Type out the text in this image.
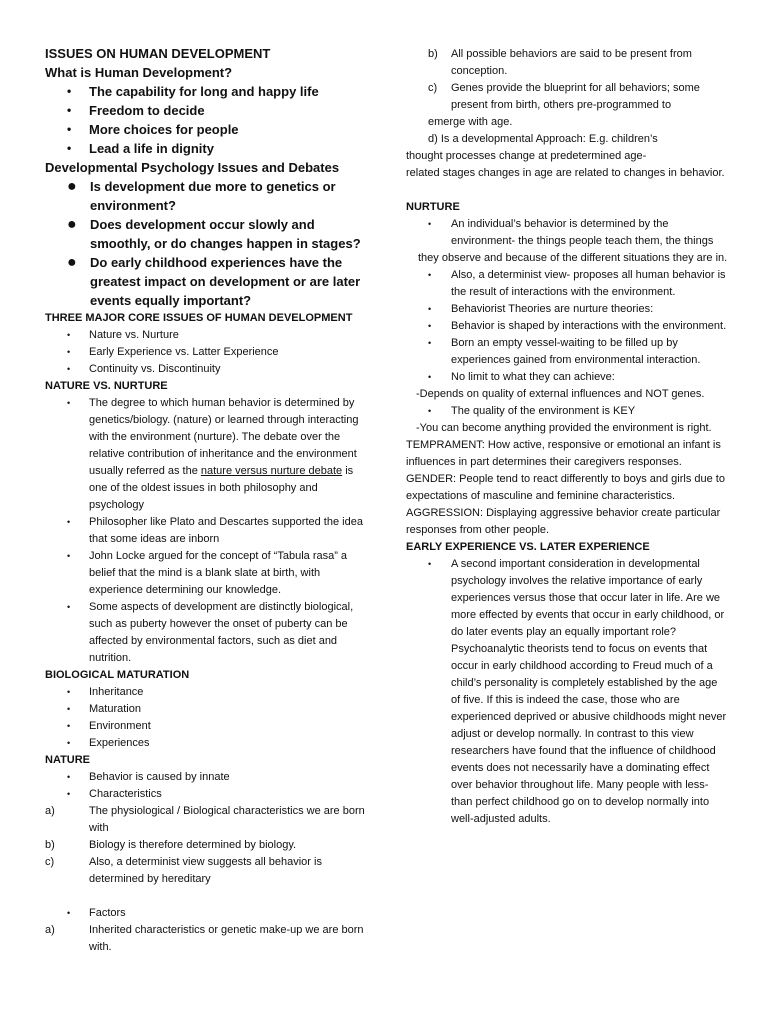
ISSUES ON HUMAN DEVELOPMENT

What is Human Development?

• The capability for long and happy life
• Freedom to decide
• More choices for people
• Lead a life in dignity

Developmental Psychology Issues and Debates

● Is development due more to genetics or environment?
● Does development occur slowly and smoothly, or do changes happen in stages?
● Do early childhood experiences have the greatest impact on development or are later events equally important?

THREE MAJOR CORE ISSUES OF HUMAN DEVELOPMENT

• Nature vs. Nurture
• Early Experience vs. Latter Experience
• Continuity vs. Discontinuity

NATURE VS. NURTURE

• The degree to which human behavior is determined by genetics/biology. (nature) or learned through interacting with the environment (nurture). The debate over the relative contribution of inheritance and the environment usually referred as the nature versus nurture debate is one of the oldest issues in both philosophy and psychology
• Philosopher like Plato and Descartes supported the idea that some ideas are inborn
• John Locke argued for the concept of “Tabula rasa” a belief that the mind is a blank slate at birth, with experience determining our knowledge.
• Some aspects of development are distinctly biological, such as puberty however the onset of puberty can be affected by environmental factors, such as diet and nutrition.

BIOLOGICAL MATURATION

• Inheritance
• Maturation
• Environment
• Experiences

NATURE

• Behavior is caused by innate
• Characteristics
a)	The physiological / Biological characteristics we are born with
b)	Biology is therefore determined by biology.
c)	Also, a determinist view suggests all behavior is determined by hereditary
• Factors
a)	Inherited characteristics or genetic make-up we are born with.
b) All possible behaviors are said to be present from conception.
c) Genes provide the blueprint for all behaviors; some present from birth, others pre-programmed to

emerge with age.

d) Is a developmental Approach: E.g. children’s

thought processes change at predetermined age-

related stages changes in age are related to changes in behavior.

NURTURE

• An individual’s behavior is determined by the environment- the things people teach them, the things

they observe and because of the different situations they are in.

• Also, a determinist view- proposes all human behavior is the result of interactions with the environment.
• Behaviorist Theories are nurture theories:
• Behavior is shaped by interactions with the environment.
• Born an empty vessel-waiting to be filled up by experiences gained from environmental interaction.
• No limit to what they can achieve:

-Depends on quality of external influences and NOT genes.

• The quality of the environment is KEY

-You can become anything provided the environment is right.

TEMPRAMENT: How active, responsive or emotional an infant is influences in part determines their caregivers responses.

GENDER: People tend to react differently to boys and girls due to expectations of masculine and feminine characteristics.

AGGRESSION: Displaying aggressive behavior create particular responses from other people.

EARLY EXPERIENCE VS. LATER EXPERIENCE

• A second important consideration in developmental psychology involves the relative importance of early experiences versus those that occur later in life. Are we more effected by events that occur in early childhood, or do later events play an equally important role? Psychoanalytic theorists tend to focus on events that occur in early childhood according to Freud much of a child’s personality is completely established by the age of five. If this is indeed the case, those who are experienced deprived or abusive childhoods might never adjust or develop normally. In contrast to this view researchers have found that the influence of childhood events does not necessarily have a dominating effect over behavior throughout life. Many people with less-than perfect childhood go on to develop normally into well-adjusted adults.
